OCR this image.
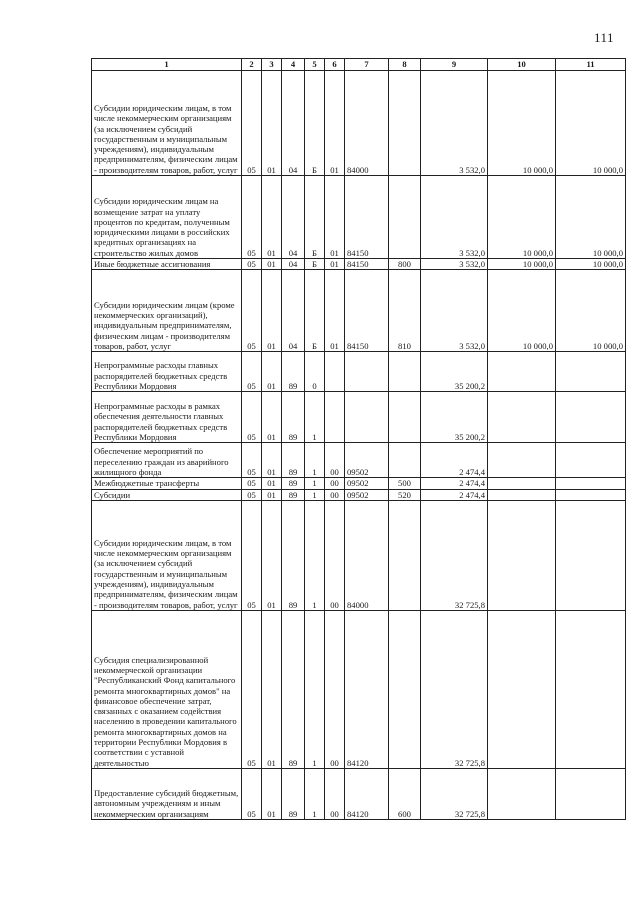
111
1	2	3	4	5	6	7	8	9	10	11
Субсидии юридическим лицам, в том числе некоммерческим организациям (за исключением субсидий государственным и муниципальным учреждениям), индивидуальным предпринимателям, физическим лицам - производителям товаров, работ, услуг	05	01	04	Б	01	84000		3 532,0	10 000,0	10 000,0
Субсидии юридическим лицам на возмещение затрат на уплату процентов по кредитам, полученным юридическими лицами в российских кредитных организациях на строительство жилых домов	05	01	04	Б	01	84150		3 532,0	10 000,0	10 000,0
Иные бюджетные ассигнования	05	01	04	Б	01	84150	800	3 532,0	10 000,0	10 000,0
Субсидии юридическим лицам (кроме некоммерческих организаций), индивидуальным предпринимателям, физическим лицам - производителям товаров, работ, услуг	05	01	04	Б	01	84150	810	3 532,0	10 000,0	10 000,0
Непрограммные расходы главных распорядителей бюджетных средств Республики Мордовия	05	01	89	0				35 200,2		
Непрограммные расходы в рамках обеспечения деятельности главных распорядителей бюджетных средств Республики Мордовия	05	01	89	1				35 200,2		
Обеспечение мероприятий по переселению граждан из аварийного жилищного фонда	05	01	89	1	00	09502		2 474,4		
Межбюджетные трансферты	05	01	89	1	00	09502	500	2 474,4		
Субсидии	05	01	89	1	00	09502	520	2 474,4		
Субсидии юридическим лицам, в том числе некоммерческим организациям (за исключением субсидий государственным и муниципальным учреждениям), индивидуальным предпринимателям, физическим лицам - производителям товаров, работ, услуг	05	01	89	1	00	84000		32 725,8		
Субсидия специализированной некоммерческой организации "Республиканский Фонд капитального ремонта многоквартирных домов" на финансовое обеспечение затрат, связанных с оказанием содействия населению в проведении капитального ремонта многоквартирных домов на территории Республики Мордовия в соответствии с уставной деятельностью	05	01	89	1	00	84120		32 725,8		
Предоставление субсидий бюджетным, автономным учреждениям и иным некоммерческим организациям	05	01	89	1	00	84120	600	32 725,8		
